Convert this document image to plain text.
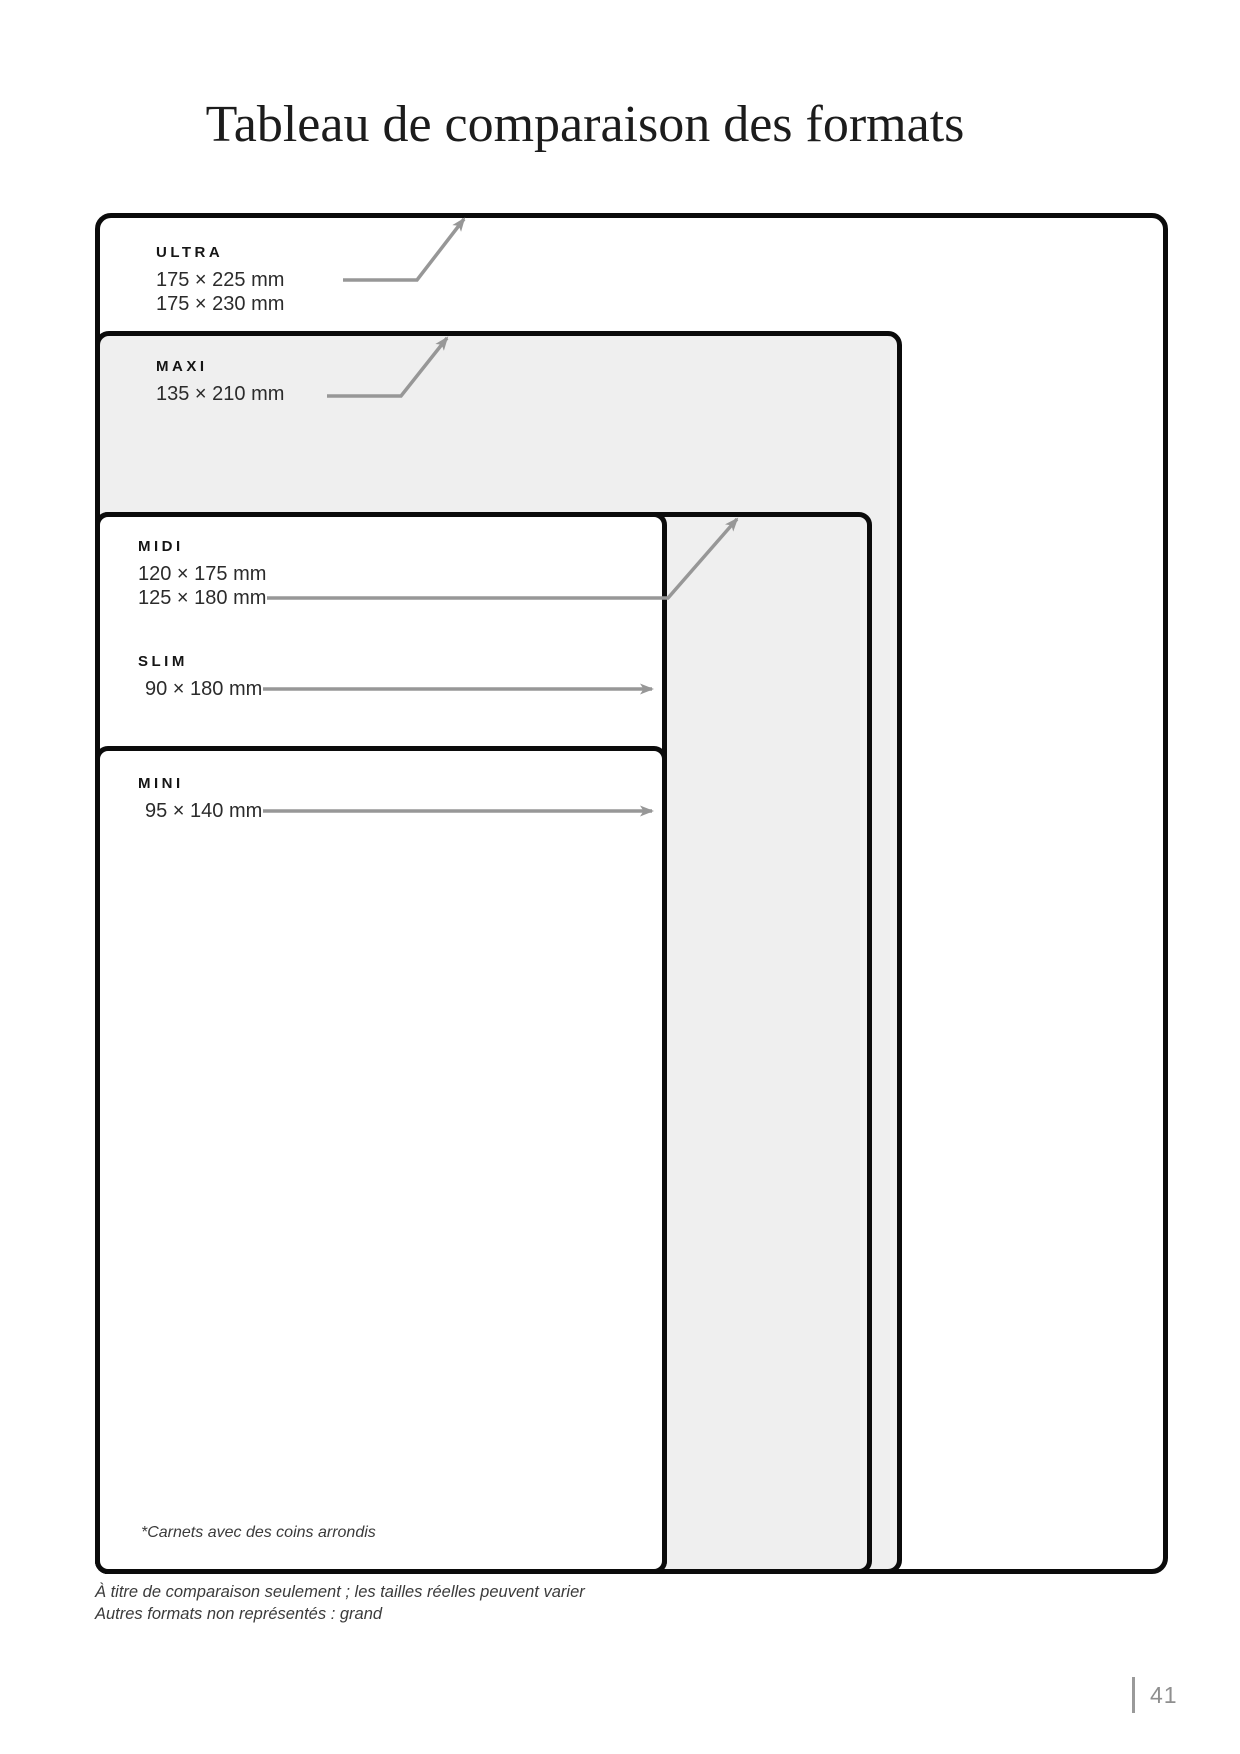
Tableau de comparaison des formats
ULTRA
175 × 225 mm
175 × 230 mm
MAXI
135 × 210 mm
MIDI
120 × 175 mm
125 × 180 mm
SLIM
90 × 180 mm
MINI
95 × 140 mm
*Carnets avec des coins arrondis
À titre de comparaison seulement ; les tailles réelles peuvent varier
Autres formats non représentés : grand
41
